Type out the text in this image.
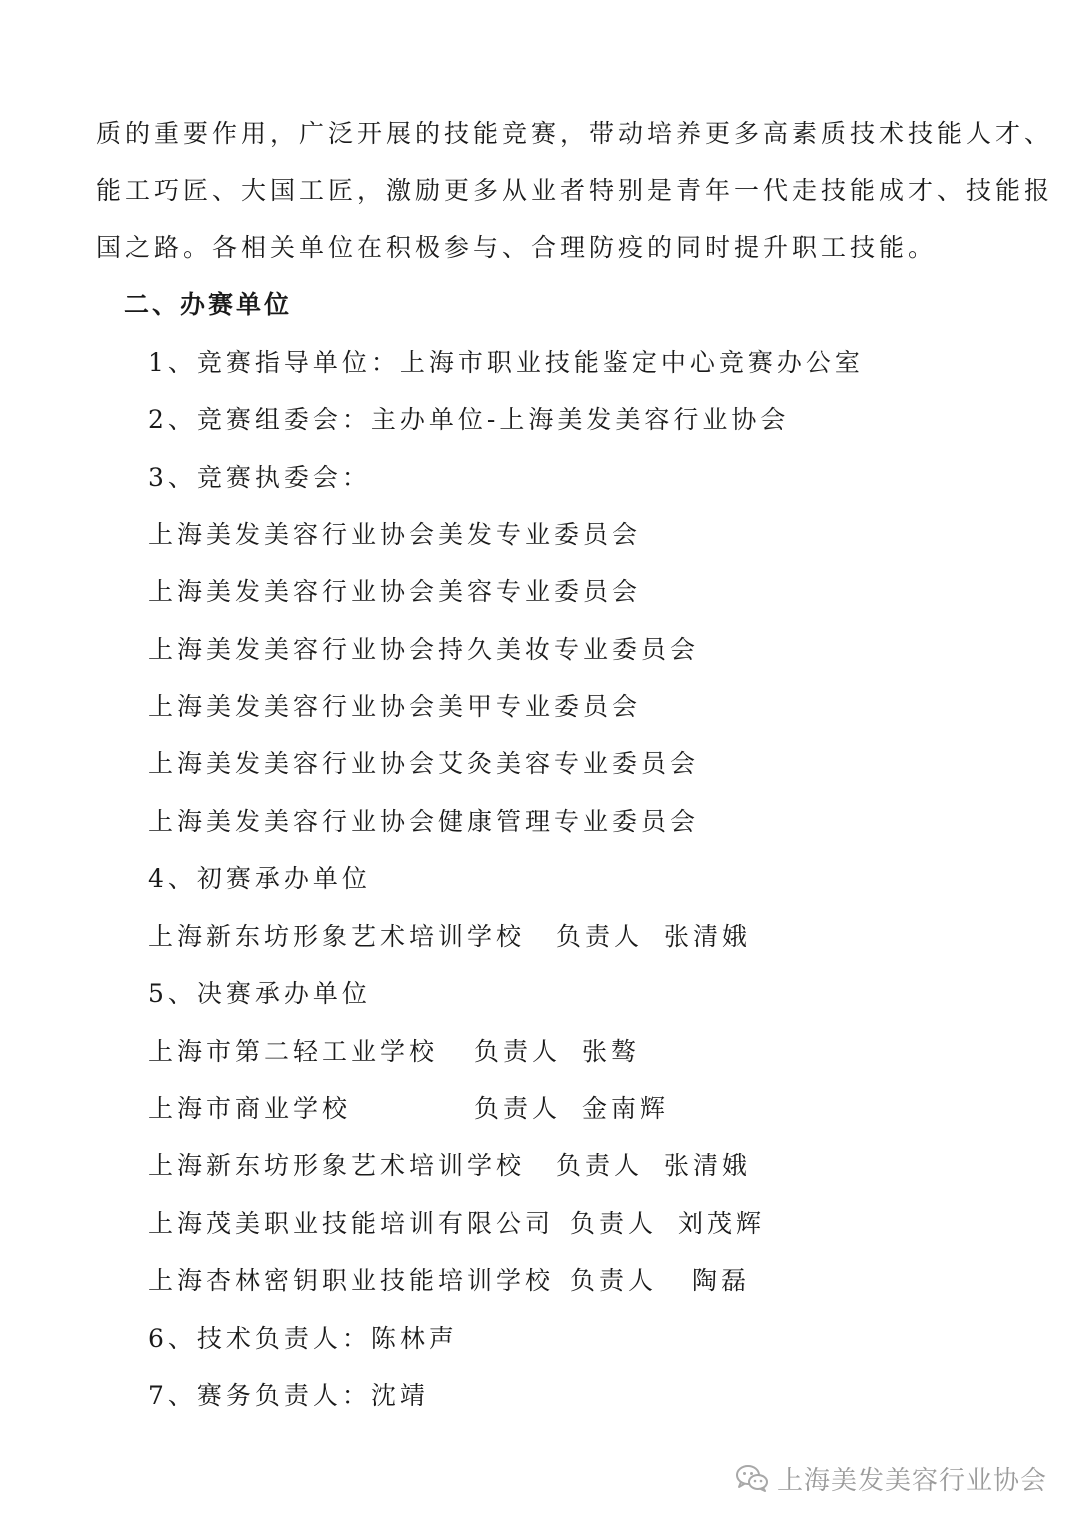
质的重要作用，广泛开展的技能竞赛，带动培养更多高素质技术技能人才、
能工巧匠、大国工匠，激励更多从业者特别是青年一代走技能成才、技能报
国之路。各相关单位在积极参与、合理防疫的同时提升职工技能。
二、办赛单位
1、竞赛指导单位：上海市职业技能鉴定中心竞赛办公室
2、竞赛组委会：主办单位-上海美发美容行业协会
3、竞赛执委会：
上海美发美容行业协会美发专业委员会
上海美发美容行业协会美容专业委员会
上海美发美容行业协会持久美妆专业委员会
上海美发美容行业协会美甲专业委员会
上海美发美容行业协会艾灸美容专业委员会
上海美发美容行业协会健康管理专业委员会
4、初赛承办单位
上海新东坊形象艺术培训学校 负责人 张清娥
5、决赛承办单位
上海市第二轻工业学校 负责人 张骜
上海市商业学校	负责人 金南辉
上海新东坊形象艺术培训学校 负责人 张清娥
上海茂美职业技能培训有限公司 负责人 刘茂辉
上海杏林密钥职业技能培训学校 负责人 陶磊
6、技术负责人：陈林声
7、赛务负责人：沈靖
上海美发美容行业协会
